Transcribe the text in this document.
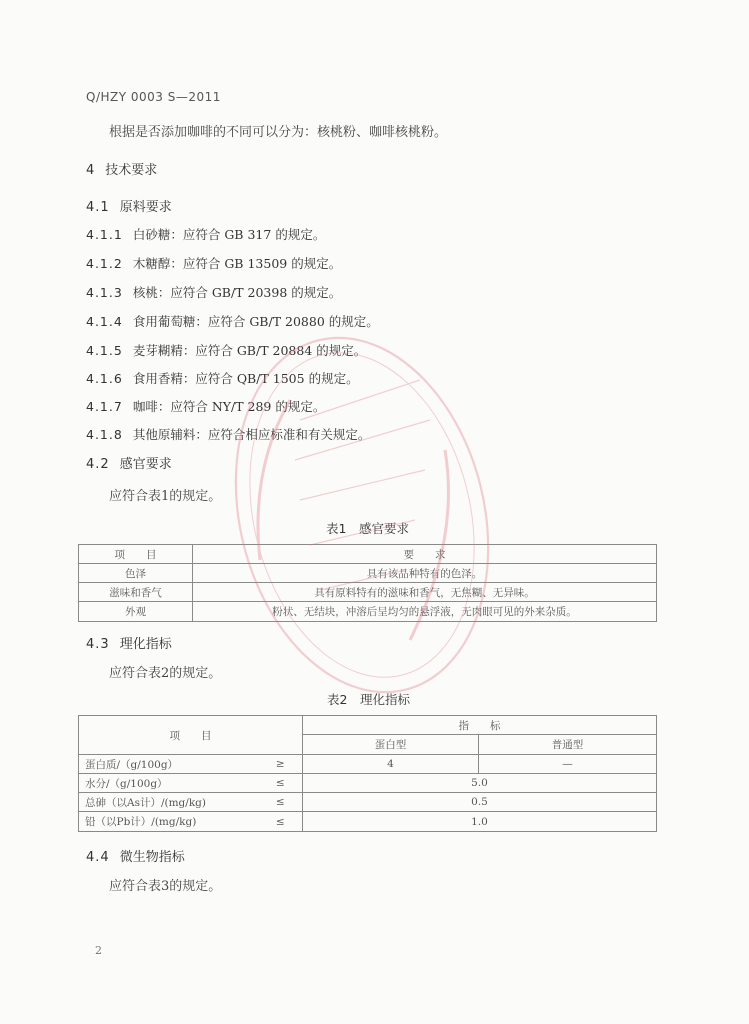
Q/HZY 0003 S—2011
根据是否添加咖啡的不同可以分为：核桃粉、咖啡核桃粉。
4 技术要求
4.1 原料要求
4.1.1 白砂糖：应符合 GB 317 的规定。
4.1.2 木糖醇：应符合 GB 13509 的规定。
4.1.3 核桃：应符合 GB/T 20398 的规定。
4.1.4 食用葡萄糖：应符合 GB/T 20880 的规定。
4.1.5 麦芽糊精：应符合 GB/T 20884 的规定。
4.1.6 食用香精：应符合 QB/T 1505 的规定。
4.1.7 咖啡：应符合 NY/T 289 的规定。
4.1.8 其他原辅料：应符合相应标准和有关规定。
4.2 感官要求
应符合表1的规定。
表1　感官要求
项　　目	要　　求
色泽	具有该品种特有的色泽。
滋味和香气	具有原料特有的滋味和香气，无焦糊、无异味。
外观	粉状、无结块，冲溶后呈均匀的悬浮液，无肉眼可见的外来杂质。
4.3 理化指标
应符合表2的规定。
表2　理化指标
项　　目		指　　标	
		蛋白型	普通型
蛋白质/（g/100g）	≥	4	—
水分/（g/100g）	≤	5.0	
总砷（以As计）/(mg/kg)	≤	0.5	
铅（以Pb计）/(mg/kg)	≤	1.0	
4.4 微生物指标
应符合表3的规定。
2
